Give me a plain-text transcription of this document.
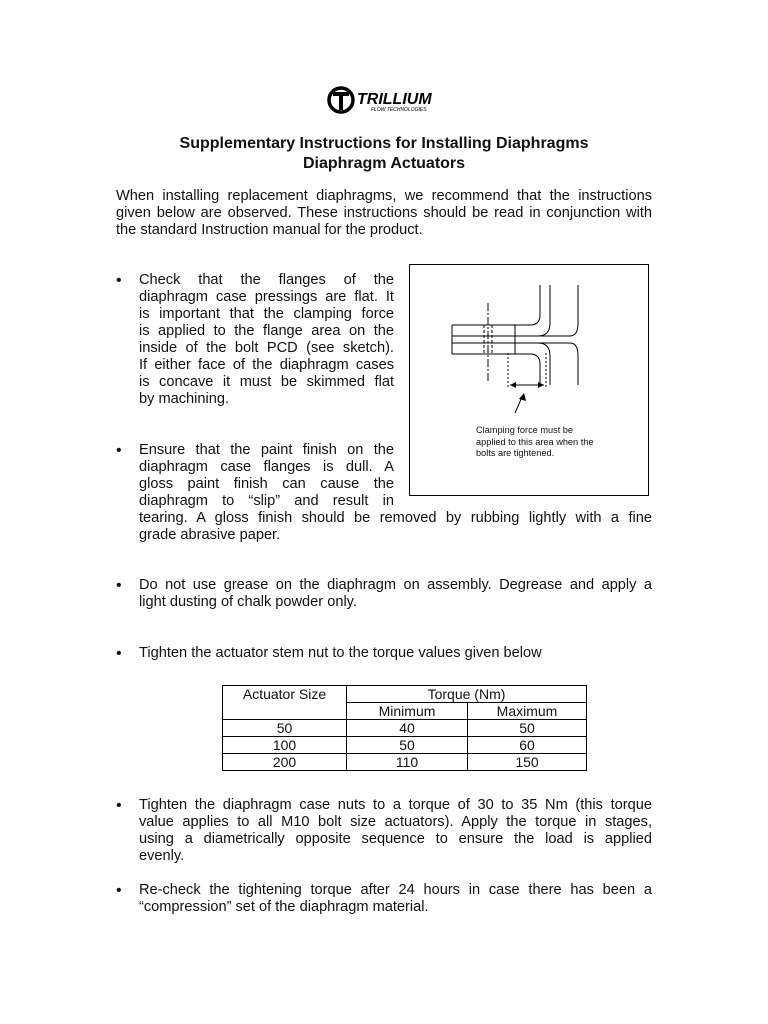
TRILLIUM
FLOW TECHNOLOGIES
Supplementary Instructions for Installing Diaphragms
Diaphragm Actuators
When installing replacement diaphragms, we recommend that the instructions given below are observed. These instructions should be read in conjunction with the standard Instruction manual for the product.
• Check that the flanges of the
diaphragm case pressings are flat. It
is important that the clamping force
is applied to the flange area on the
inside of the bolt PCD (see sketch).
If either face of the diaphragm cases
is concave it must be skimmed flat
by machining.
• Ensure that the paint finish on the
diaphragm case flanges is dull. A
gloss paint finish can cause the
diaphragm to “slip” and result in
tearing. A gloss finish should be removed by rubbing lightly with a fine
grade abrasive paper.
Clamping force must be
applied to this area when the
bolts are tightened.
• Do not use grease on the diaphragm on assembly. Degrease and apply a
light dusting of chalk powder only.
• Tighten the actuator stem nut to the torque values given below
Actuator Size	Torque (Nm)	
	Minimum	Maximum
50	40	50
100	50	60
200	110	150
• Tighten the diaphragm case nuts to a torque of 30 to 35 Nm (this torque
value applies to all M10 bolt size actuators). Apply the torque in stages,
using a diametrically opposite sequence to ensure the load is applied
evenly.
• Re-check the tightening torque after 24 hours in case there has been a
“compression” set of the diaphragm material.
